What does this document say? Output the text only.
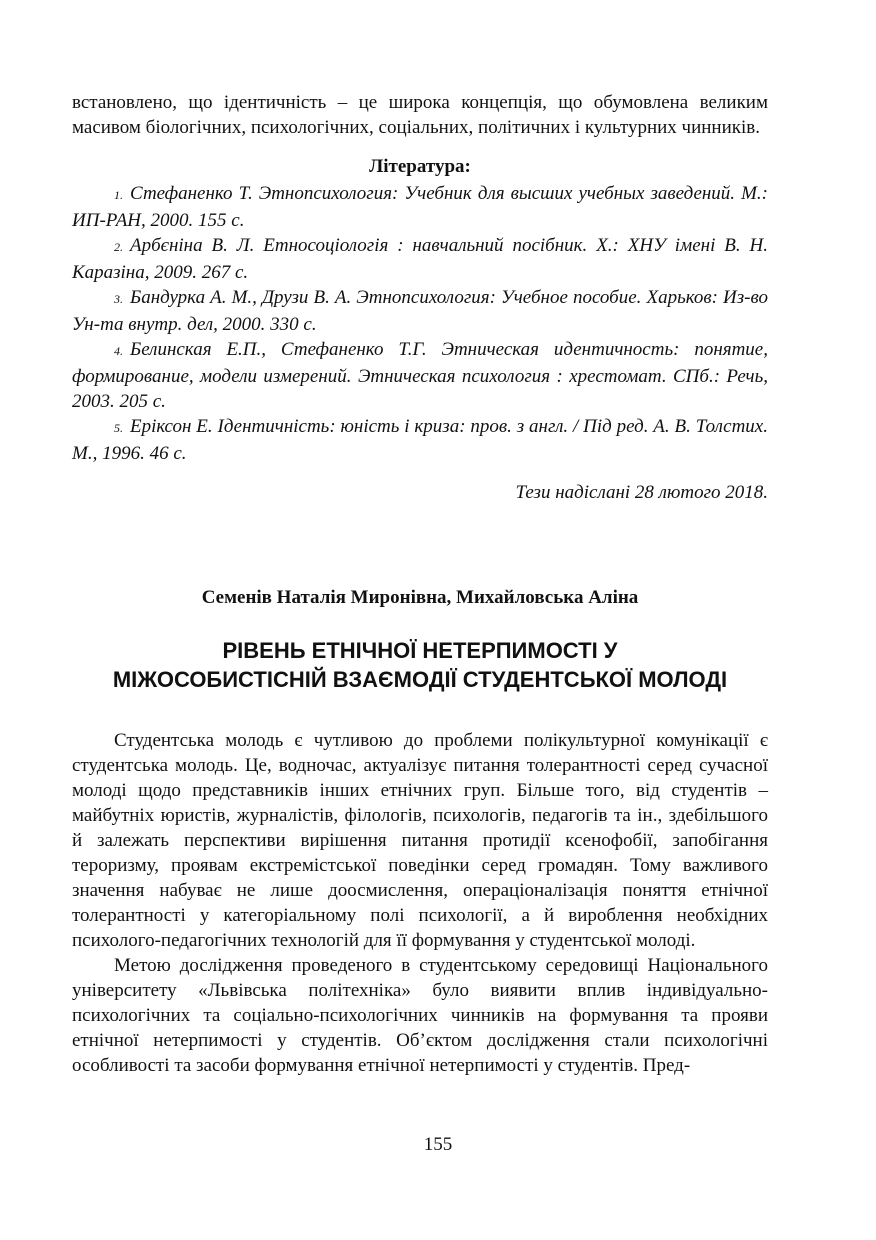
встановлено, що ідентичність – це широка концепція, що обумовлена великим масивом біологічних, психологічних, соціальних, політичних і культурних чинників.

Література:

1. Стефаненко Т. Этнопсихология: Учебник для высших учебных заведений. М.: ИП-РАН, 2000. 155 с.

2. Арбєніна В. Л. Етносоціологія : навчальний посібник. Х.: ХНУ імені В. Н. Каразіна, 2009. 267 с.

3. Бандурка А. М., Друзи В. А. Этнопсихология: Учебное пособие. Харьков: Из-во Ун-та внутр. дел, 2000. 330 с.

4. Белинская Е.П., Стефаненко Т.Г. Этническая идентичность: понятие, формирование, модели измерений. Этническая психология : хрестомат. СПб.: Речь, 2003. 205 с.

5. Еріксон Е. Ідентичність: юність і криза: пров. з англ. / Під ред. А. В. Толстих. М., 1996. 46 с.

Тези надіслані 28 лютого 2018.
Семенів Наталія Миронівна, Михайловська Аліна
РІВЕНЬ ЕТНІЧНОЇ НЕТЕРПИМОСТІ У
МІЖОСОБИСТІСНІЙ ВЗАЄМОДІЇ СТУДЕНТСЬКОЇ МОЛОДІ

Студентська молодь є чутливою до проблеми полікультурної комунікації є студентська молодь. Це, водночас, актуалізує питання толерантності серед сучасної молоді щодо представників інших етнічних груп. Більше того, від студентів – майбутніх юристів, журналістів, філологів, психологів, педагогів та ін., здебільшого й залежать перспективи вирішення питання протидії ксенофобії, запобігання тероризму, проявам екстремістської поведінки серед громадян. Тому важливого значення набуває не лише доосмислення, операціоналізація поняття етнічної толерантності у категоріальному полі психології, а й вироблення необхідних психолого-педагогічних технологій для її формування у студентської молоді.

Метою дослідження проведеного в студентському середовищі Національного університету «Львівська політехніка» було виявити вплив індивідуально-психологічних та соціально-психологічних чинників на формування та прояви етнічної нетерпимості у студентів. Об’єктом дослідження стали психологічні особливості та засоби формування етнічної нетерпимості у студентів. Пред-

155
